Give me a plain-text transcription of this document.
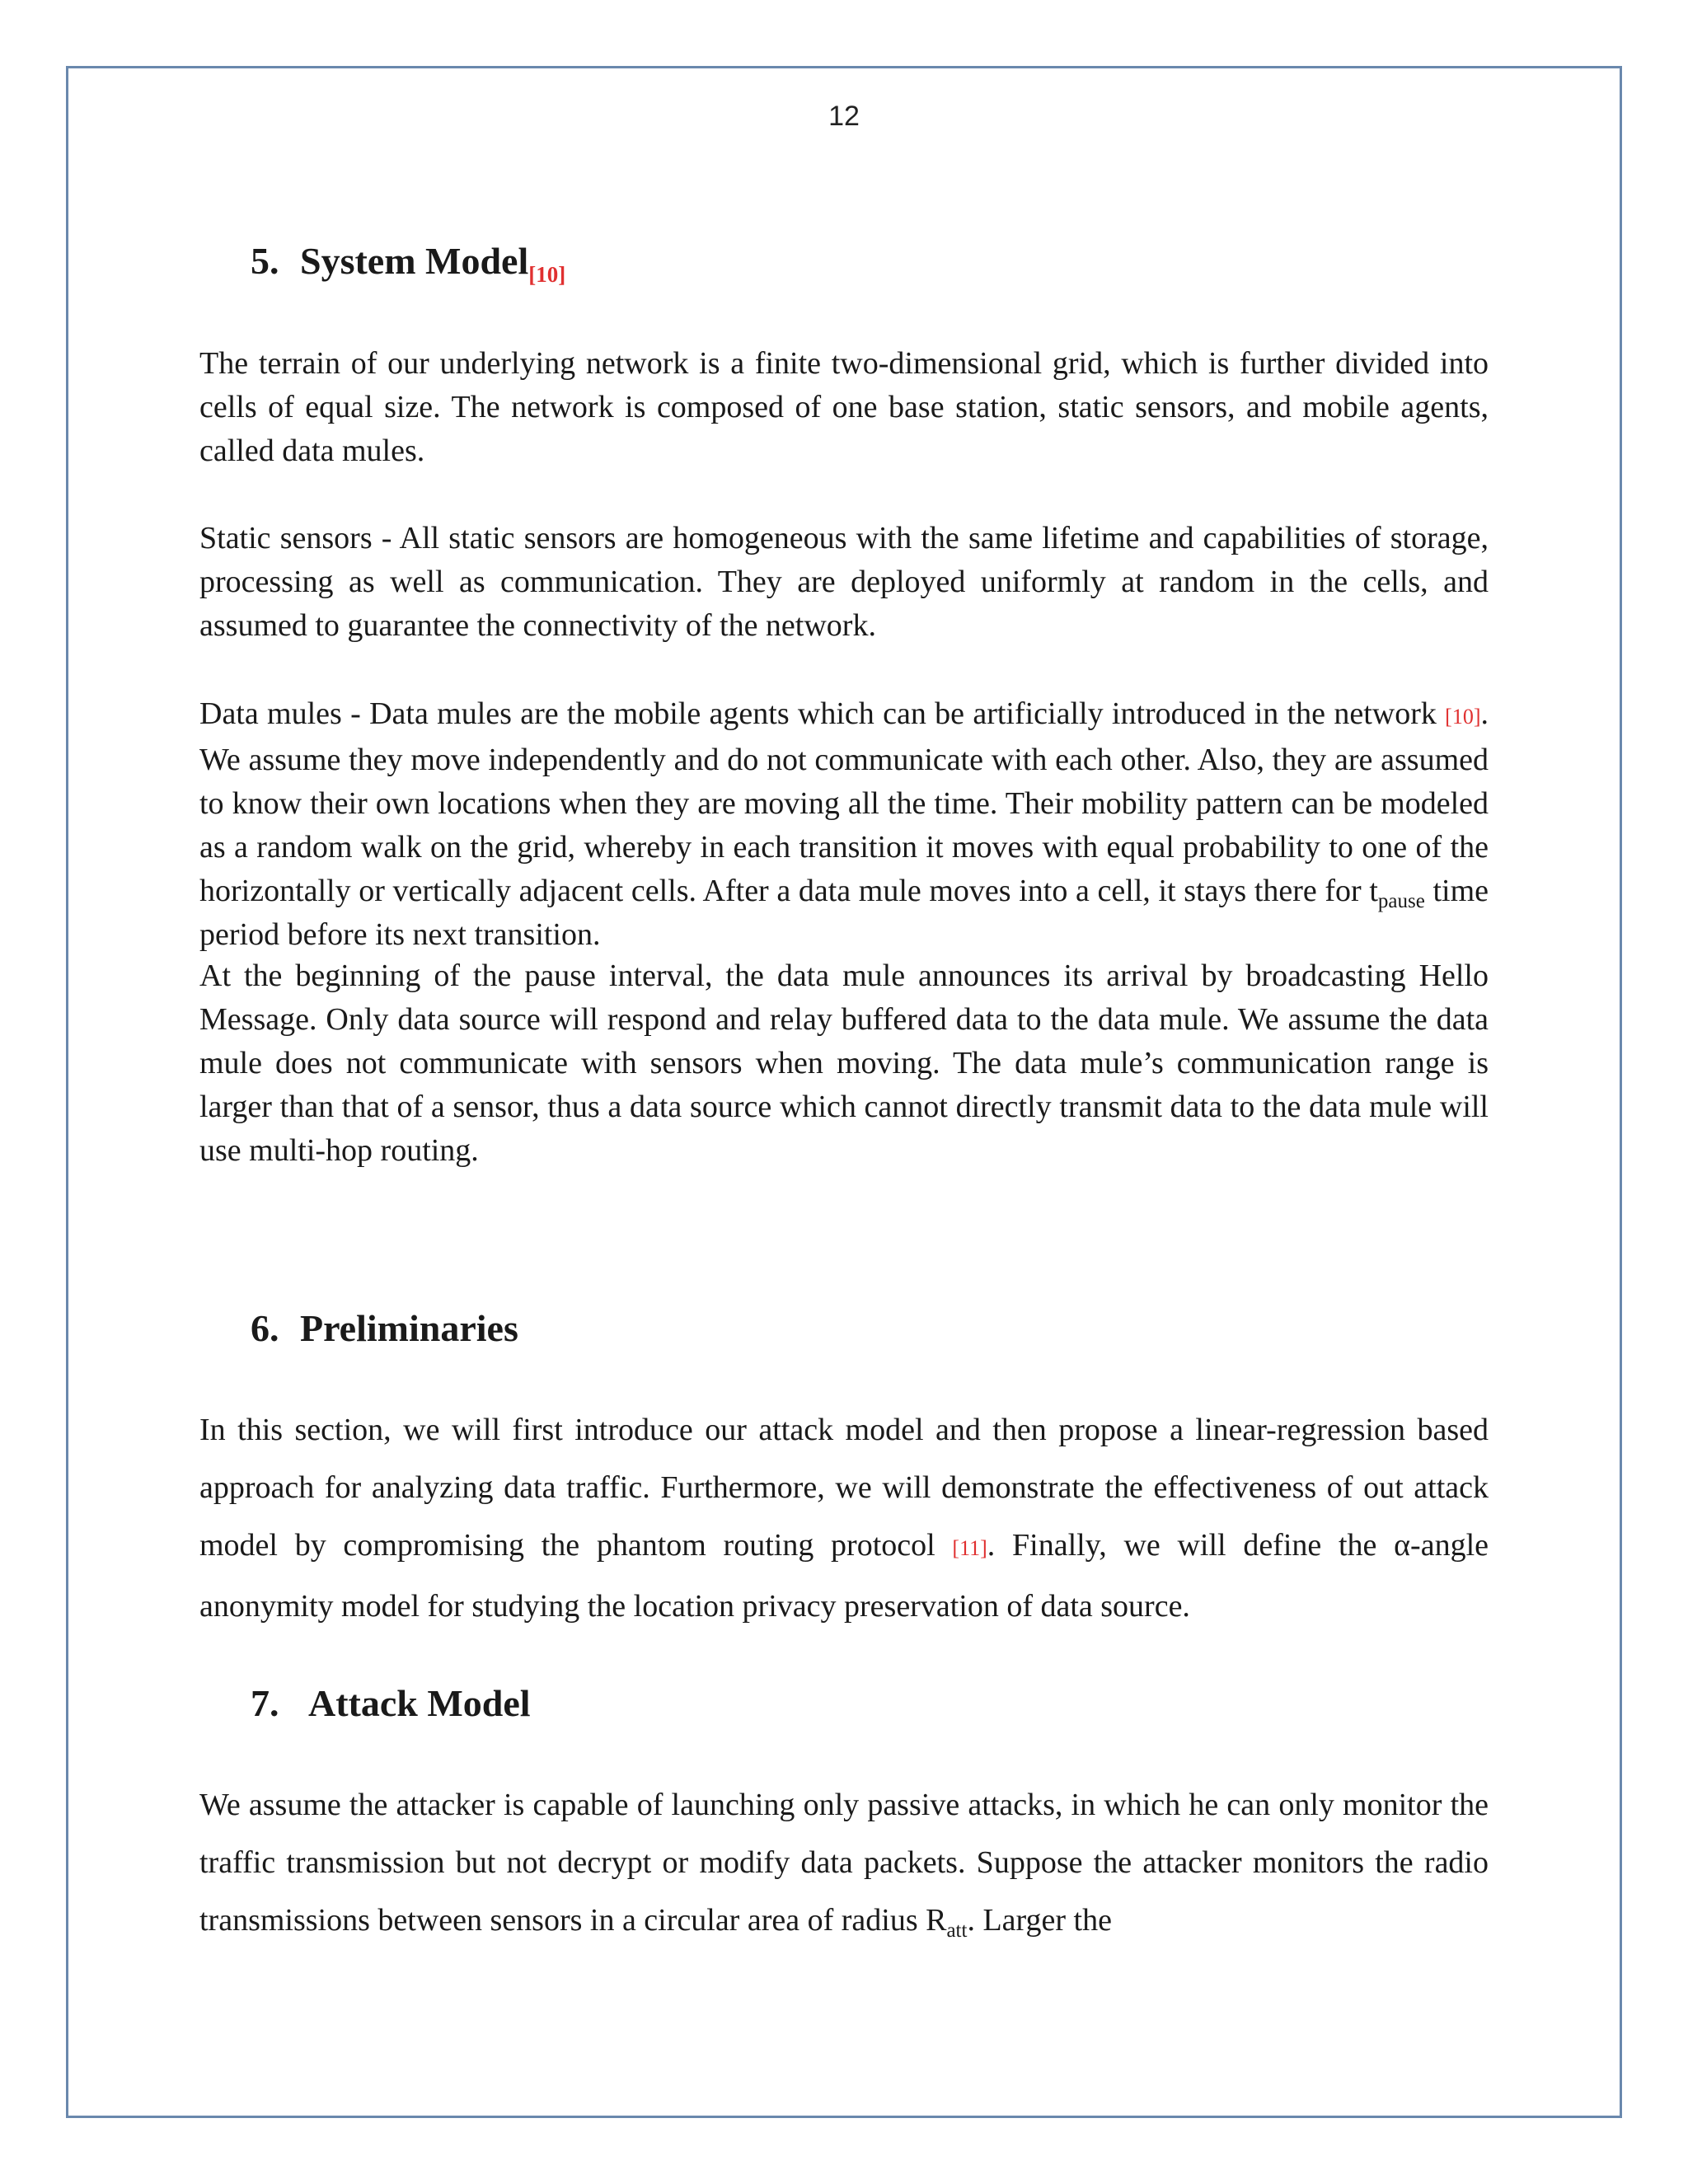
12
5. System Model$_{[10]}$

The terrain of our underlying network is a finite two-dimensional grid, which is further divided into cells of equal size. The network is composed of one base station, static sensors, and mobile agents, called data mules.

Static sensors - All static sensors are homogeneous with the same lifetime and capabilities of storage, processing as well as communication. They are deployed uniformly at random in the cells, and assumed to guarantee the connectivity of the network.

Data mules - Data mules are the mobile agents which can be artificially introduced in the network [10]. We assume they move independently and do not communicate with each other. Also, they are assumed to know their own locations when they are moving all the time. Their mobility pattern can be modeled as a random walk on the grid, whereby in each transition it moves with equal probability to one of the horizontally or vertically adjacent cells. After a data mule moves into a cell, it stays there for $t_{pause}$ time period before its next transition.

At the beginning of the pause interval, the data mule announces its arrival by broadcasting Hello Message. Only data source will respond and relay buffered data to the data mule. We assume the data mule does not communicate with sensors when moving. The data mule’s communication range is larger than that of a sensor, thus a data source which cannot directly transmit data to the data mule will use multi-hop routing.

6. Preliminaries

In this section, we will first introduce our attack model and then propose a linear-regression based approach for analyzing data traffic. Furthermore, we will demonstrate the effectiveness of out attack model by compromising the phantom routing protocol [11]. Finally, we will define the α-angle anonymity model for studying the location privacy preservation of data source.

7. Attack Model

We assume the attacker is capable of launching only passive attacks, in which he can only monitor the traffic transmission but not decrypt or modify data packets. Suppose the attacker monitors the radio transmissions between sensors in a circular area of radius $R_{att}$. Larger the
